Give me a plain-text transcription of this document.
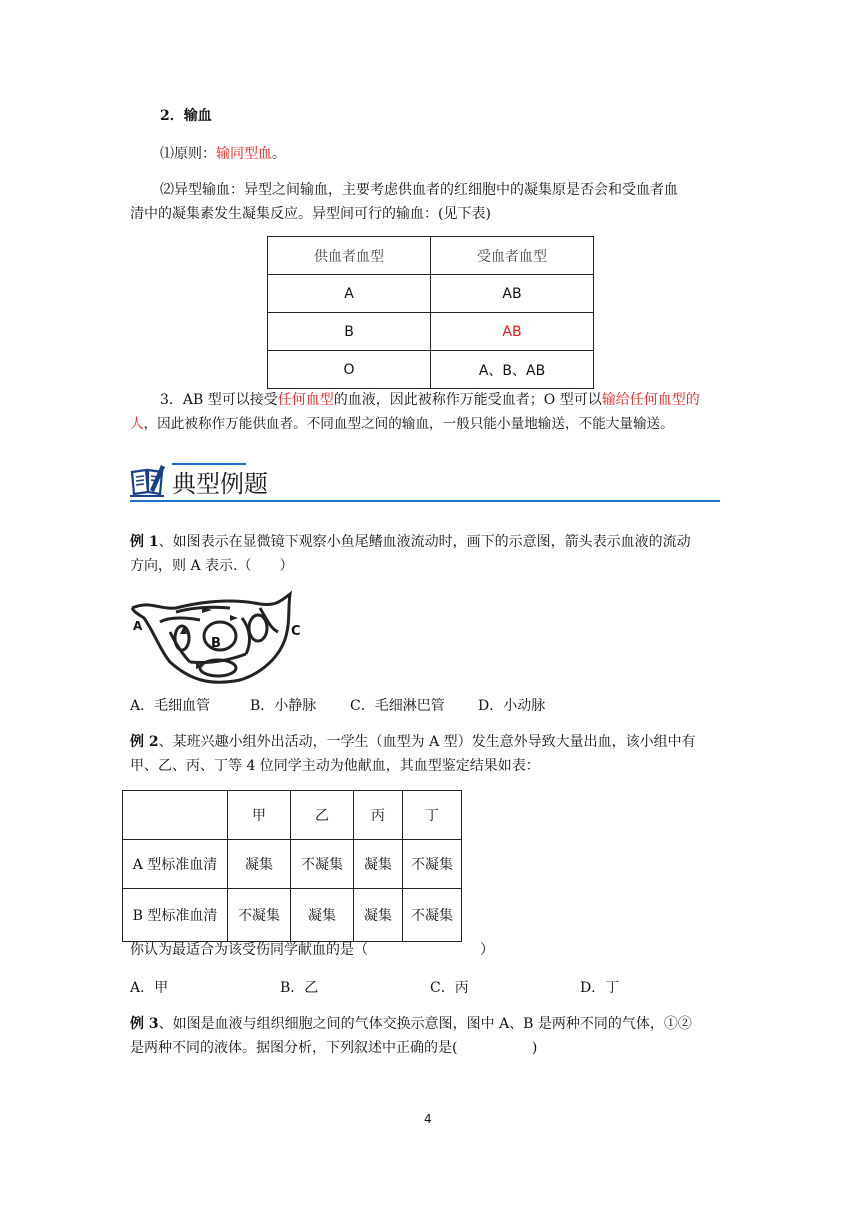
2．输血
⑴原则：输同型血。
⑵异型输血：异型之间输血，主要考虑供血者的红细胞中的凝集原是否会和受血者血
清中的凝集素发生凝集反应。异型间可行的输血：(见下表)
供血者血型	受血者血型
A	AB
B	AB
O	A、B、AB
3．AB 型可以接受任何血型的血液，因此被称作万能受血者；O 型可以输给任何血型的
人，因此被称作万能供血者。不同血型之间的输血，一般只能小量地输送，不能大量输送。
典型例题
例 1、如图表示在显微镜下观察小鱼尾鳍血液流动时，画下的示意图，箭头表示血液的流动
方向，则 A 表示.（　　）
A
B
C
A．毛细血管	B．小静脉 C．毛细淋巴管 D．小动脉
例 2、某班兴趣小组外出活动，一学生（血型为 A 型）发生意外导致大量出血，该小组中有
甲、乙、丙、丁等 4 位同学主动为他献血，其血型鉴定结果如表：
	甲	乙	丙	丁
A 型标准血清	凝集	不凝集	凝集	不凝集
B 型标准血清	不凝集	凝集	凝集	不凝集
你认为最适合为该受伤同学献血的是（　　　　　　　　）
A．甲	B．乙	C．丙	D．丁
例 3、如图是血液与组织细胞之间的气体交换示意图，图中 A、B 是两种不同的气体，①②
是两种不同的液体。据图分析，下列叙述中正确的是(　　　　　 )
4
